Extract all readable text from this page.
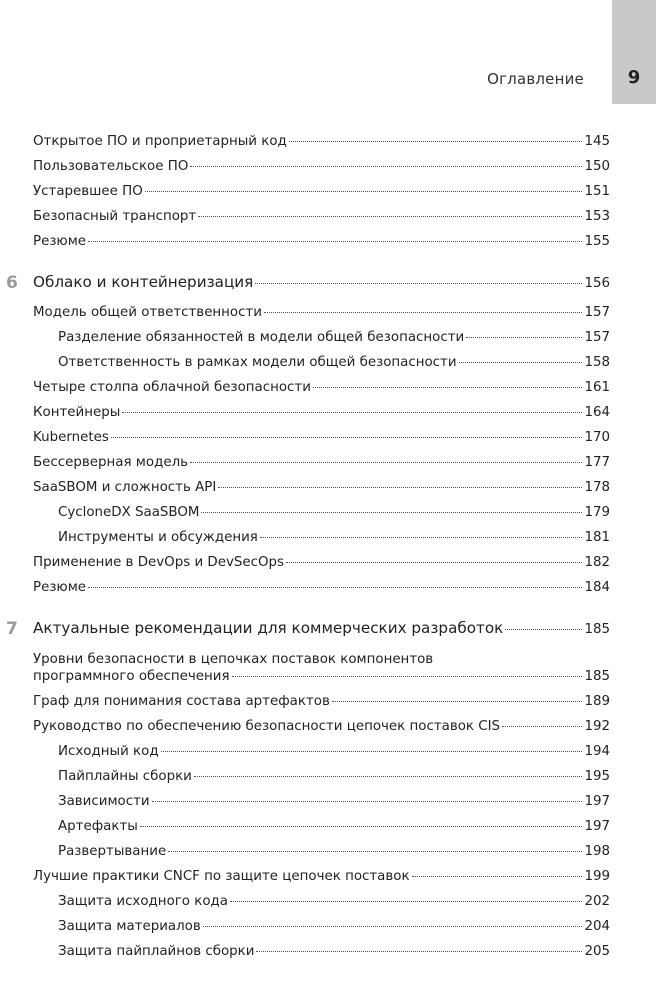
Оглавление	9
Открытое ПО и проприетарный код	145
Пользовательское ПО	150
Устаревшее ПО	151
Безопасный транспорт	153
Резюме	155
6 Облако и контейнеризация	156
Модель общей ответственности	157
Разделение обязанностей в модели общей безопасности	157
Ответственность в рамках модели общей безопасности	158
Четыре столпа облачной безопасности	161
Контейнеры	164
Kubernetes	170
Бессерверная модель	177
SaaSBOM и сложность API	178
CycloneDX SaaSBOM	179
Инструменты и обсуждения	181
Применение в DevOps и DevSecOps	182
Резюме	184
7 Актуальные рекомендации для коммерческих разработок	185
Уровни безопасности в цепочках поставок компонентов
программного обеспечения	185
Граф для понимания состава артефактов	189
Руководство по обеспечению безопасности цепочек поставок CIS	192
Исходный код	194
Пайплайны сборки	195
Зависимости	197
Артефакты	197
Развертывание	198
Лучшие практики CNCF по защите цепочек поставок	199
Защита исходного кода	202
Защита материалов	204
Защита пайплайнов сборки	205
